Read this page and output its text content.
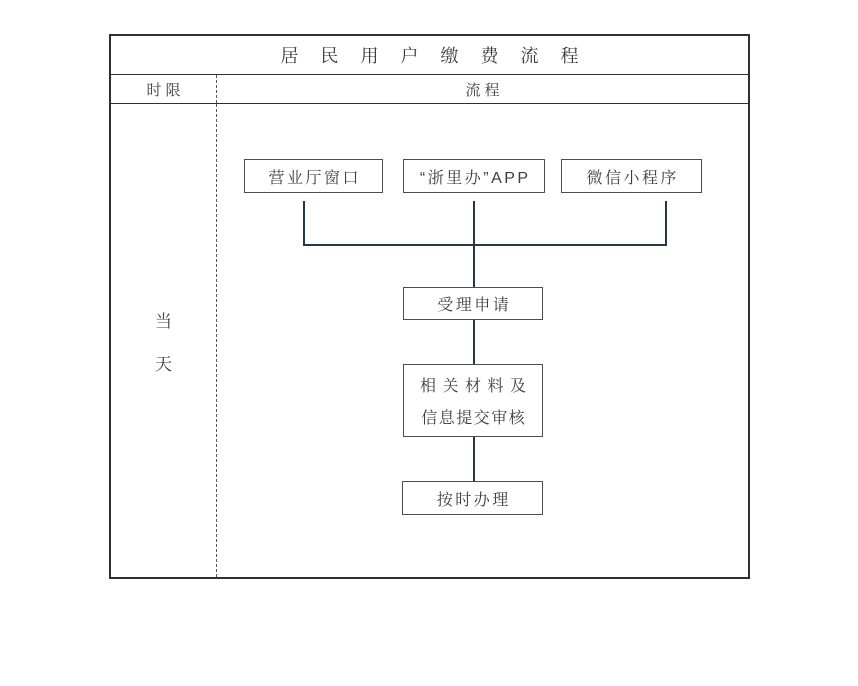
居民用户缴费流程
时限	流程
当
天
营业厅窗口	“浙里办”APP	微信小程序
受理申请
相关材料及
信息提交审核
按时办理
